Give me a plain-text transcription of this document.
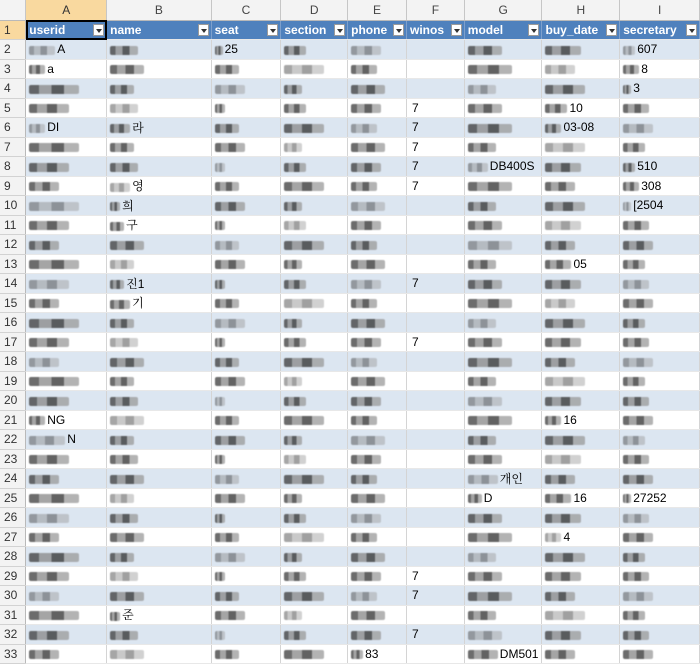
	A	B	C	D	E	F	G	H	I
1	userid	name	seat	section	phone	winos	model	buy_date	secretary

2	A		25						607
3	a								8
4									3
5						7		10	
6	DI	라				7		03-08	
7						7			
8						7	DB400S		510
9		영				7			308
10		희							[2504
11		구							
12									
13								05	
14		진1				7			
15		기							
16									
17						7			
18									
19									
20									
21	NG							16	
22	N								
23									
24							개인		
25							D	16	27252
26									
27								4	
28									
29						7			
30						7			
31		준							
32						7			
33					83		DM501		
